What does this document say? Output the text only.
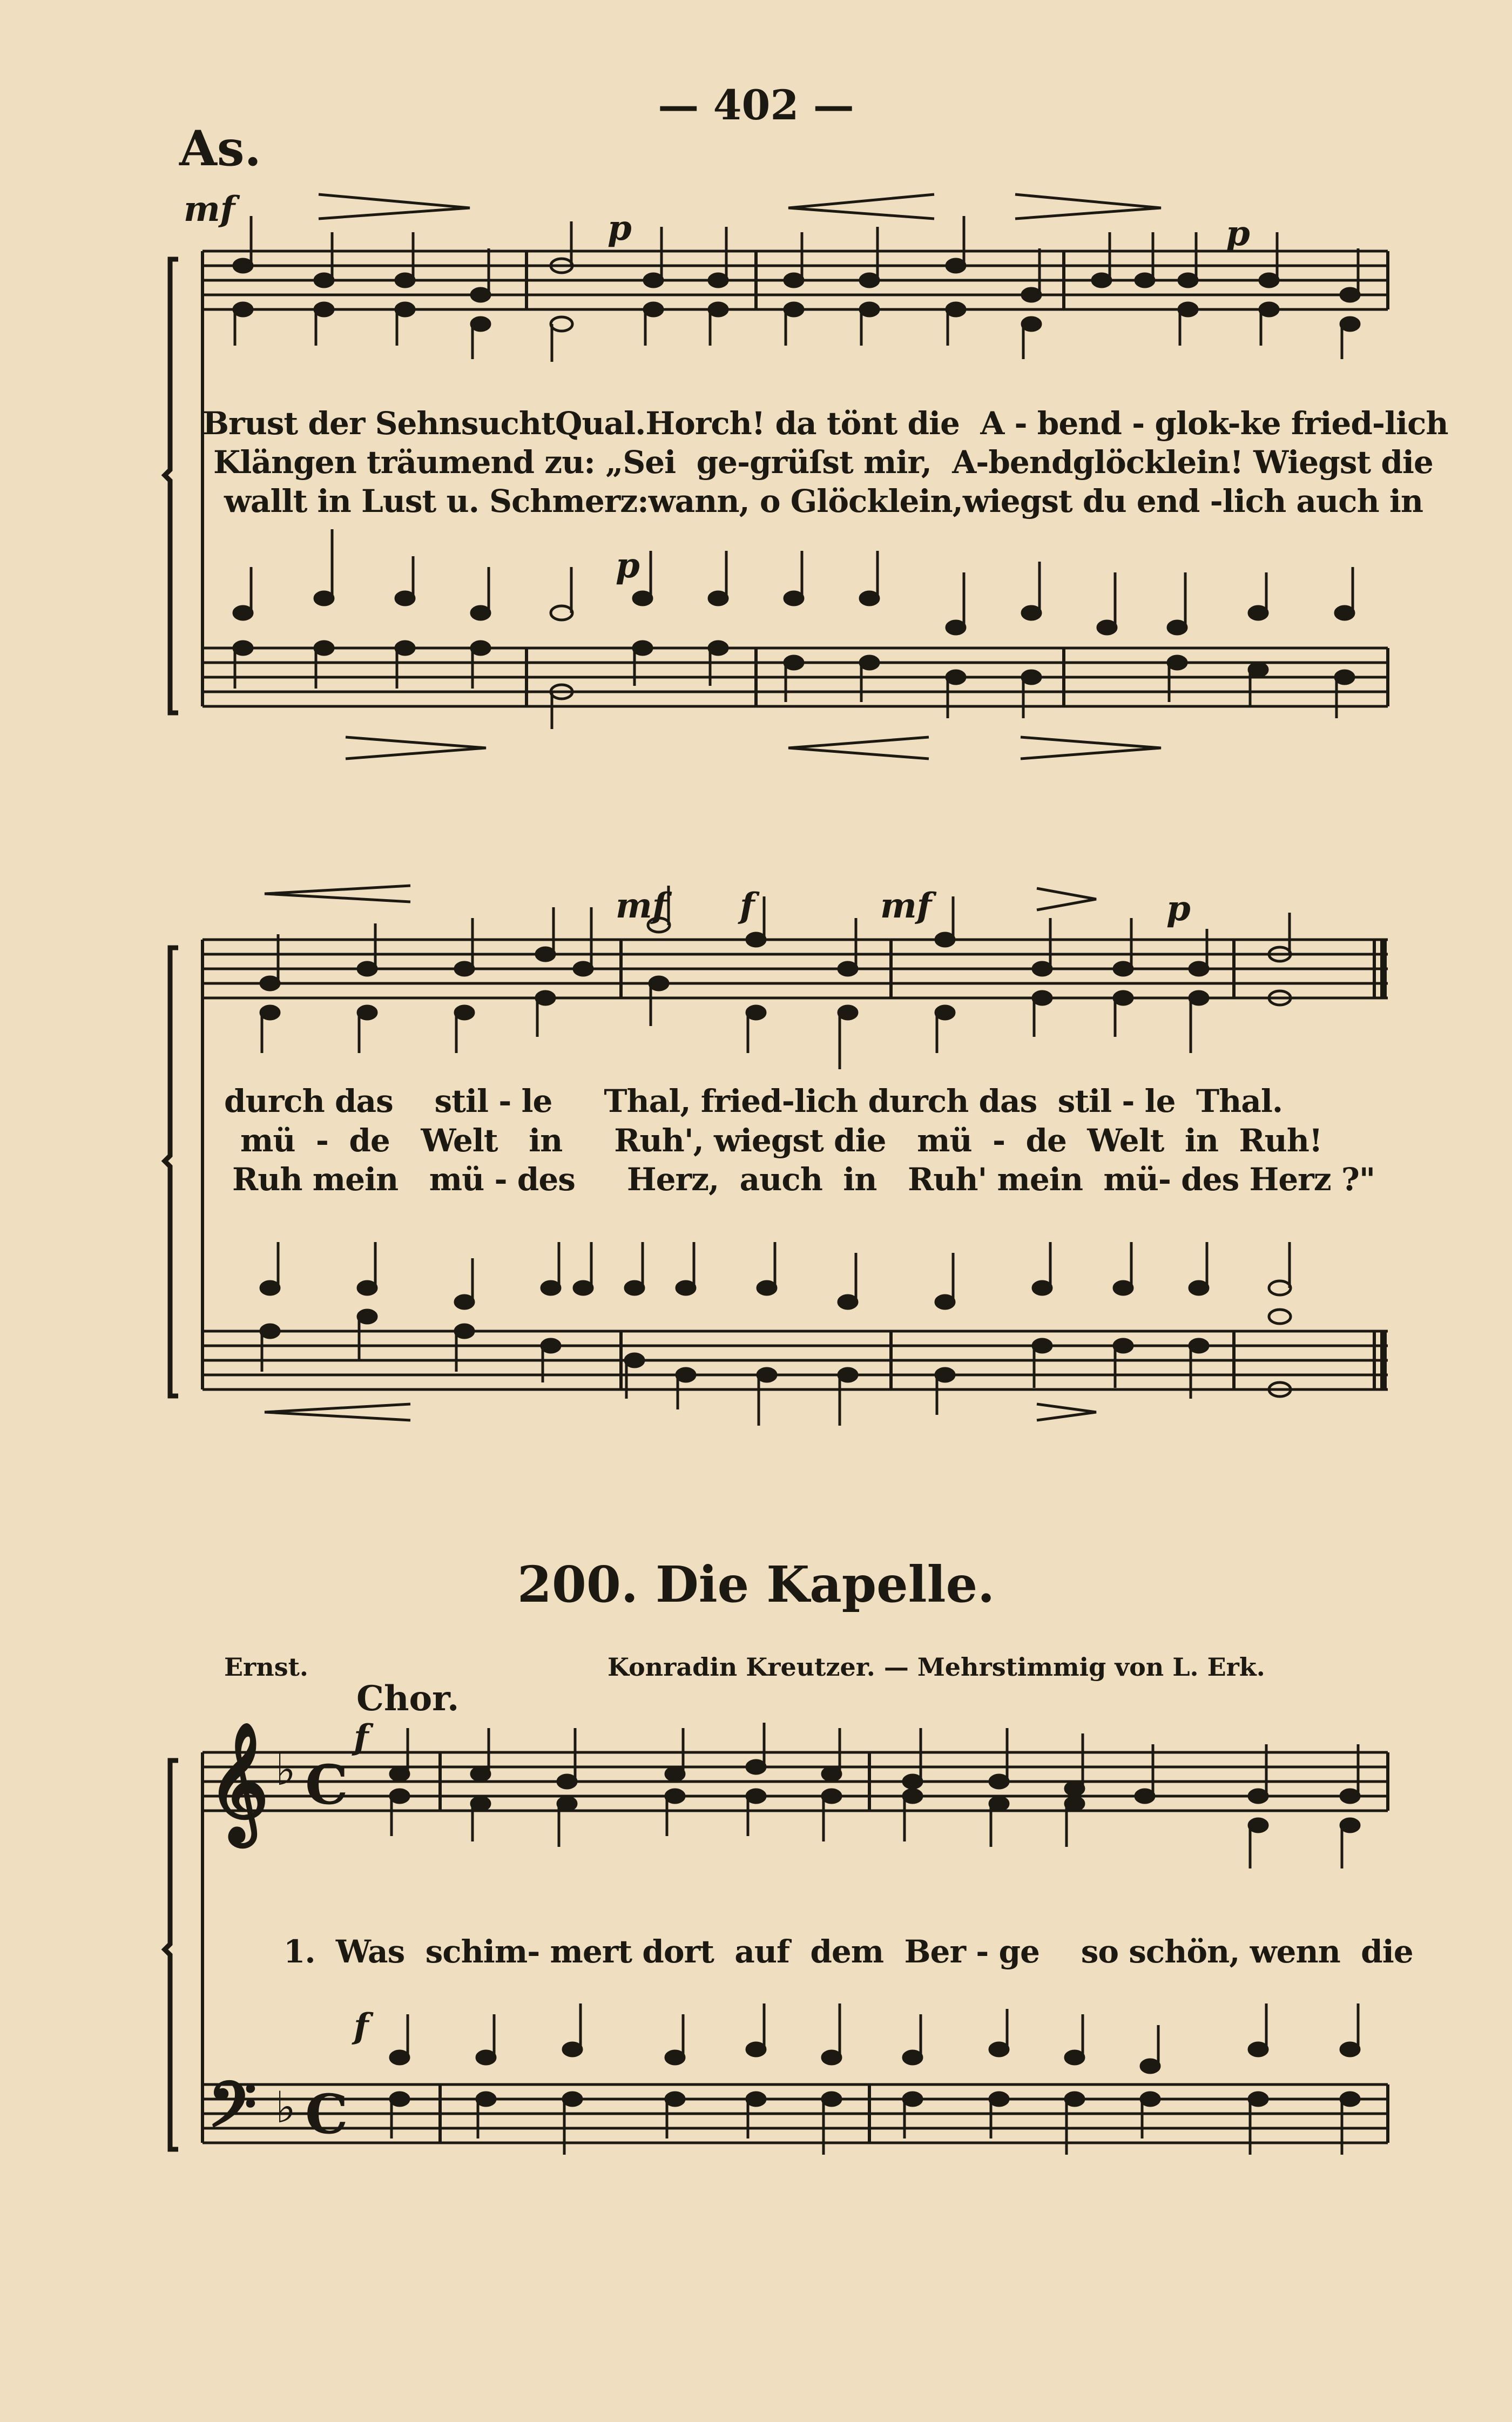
— 402 —
As.
𝄞 ♭ C
𝄢 ♭ C
mf	p	p
p
mf f	mf	p
Brust der SehnsuchtQual.Horch! da tönt die  A - bend - glok-ke fried-lich
Klängen träumend zu: „Sei  ge-grüſst mir,  A-bendglöcklein! Wiegst die
wallt in Lust u. Schmerz:wann, o Glöcklein,wiegst du end -lich auch in
durch das    stil - le     Thal, fried-lich durch das  stil - le  Thal.
mü  -  de   Welt   in     Ruh', wiegst die   mü  -  de  Welt  in  Ruh!
Ruh mein   mü - des     Herz,  auch  in   Ruh' mein  mü- des Herz ?"
200. Die Kapelle.
Ernst.	Konradin Kreutzer. — Mehrstimmig von L. Erk.
Chor.
f
f
1.  Was  schim- mert dort  auf  dem  Ber - ge    so schön, wenn  die
